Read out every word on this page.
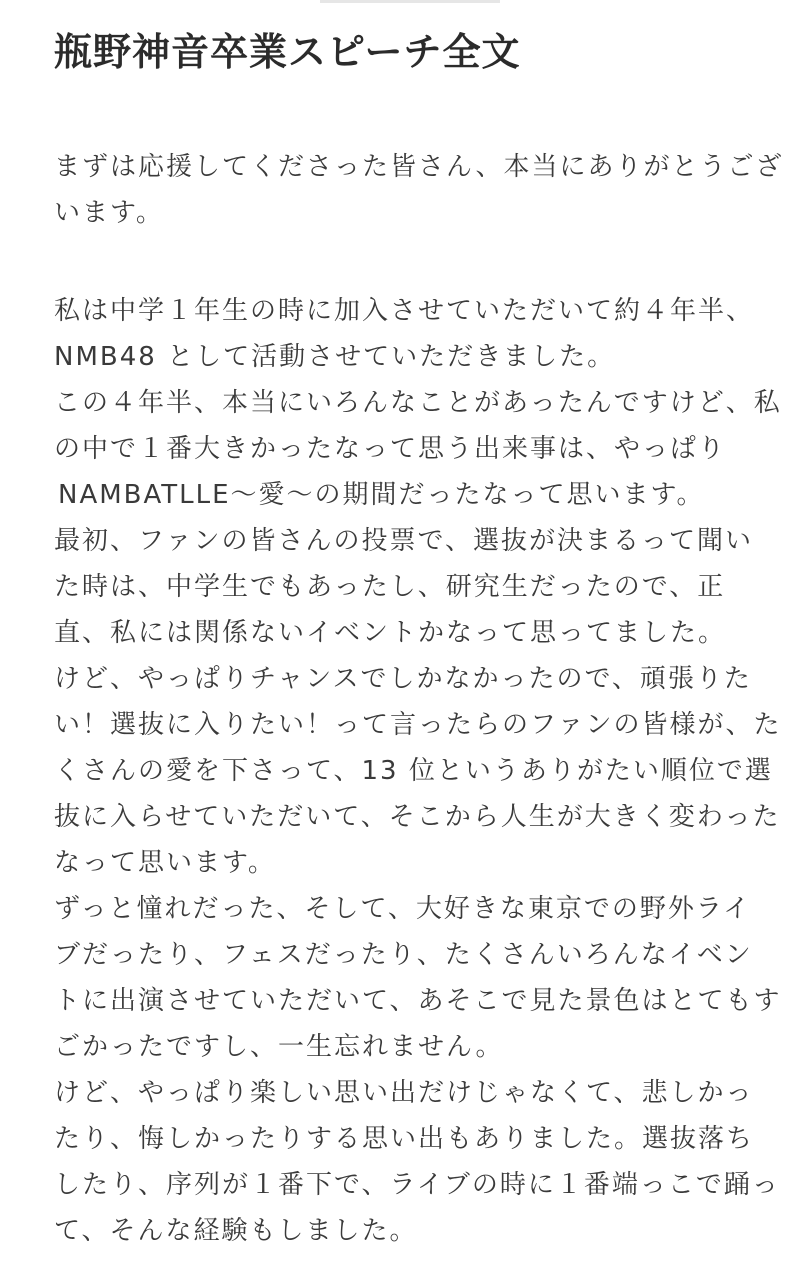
瓶野神音卒業スピーチ全文
まずは応援してくださった皆さん、本当にありがとうござ
います。
私は中学１年生の時に加入させていただいて約４年半、
NMB48 として活動させていただきました。
この４年半、本当にいろんなことがあったんですけど、私
の中で１番大きかったなって思う出来事は、やっぱり
NAMBATLLE〜愛〜の期間だったなって思います。
最初、ファンの皆さんの投票で、選抜が決まるって聞い
た時は、中学生でもあったし、研究生だったので、正
直、私には関係ないイベントかなって思ってました。
けど、やっぱりチャンスでしかなかったので、頑張りた
い！選抜に入りたい！って言ったらのファンの皆様が、た
くさんの愛を下さって、13 位というありがたい順位で選
抜に入らせていただいて、そこから人生が大きく変わった
なって思います。
ずっと憧れだった、そして、大好きな東京での野外ライ
ブだったり、フェスだったり、たくさんいろんなイベン
トに出演させていただいて、あそこで見た景色はとてもす
ごかったですし、一生忘れません。
けど、やっぱり楽しい思い出だけじゃなくて、悲しかっ
たり、悔しかったりする思い出もありました。選抜落ち
したり、序列が１番下で、ライブの時に１番端っこで踊っ
て、そんな経験もしました。
